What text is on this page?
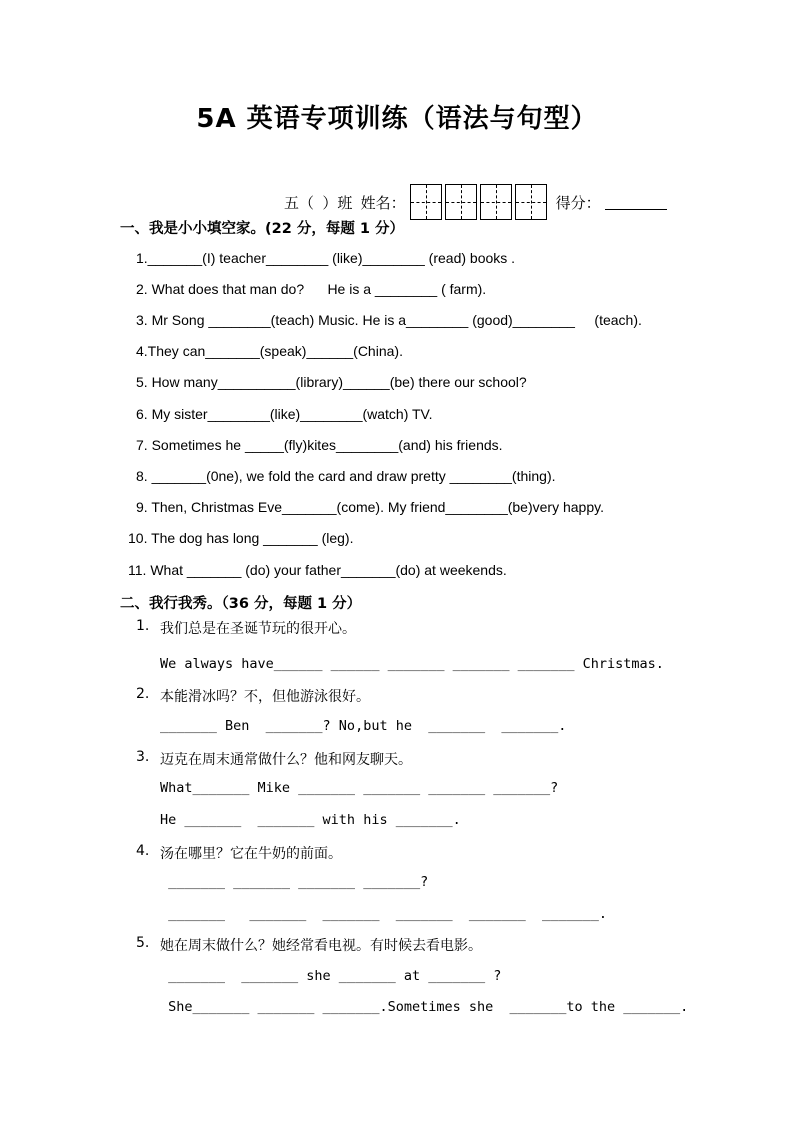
5A 英语专项训练（语法与句型）
五（  ）班  姓名：	得分：
一、我是小小填空家。(22 分，每题 1 分）
1._______(I) teacher________ (like)________ (read) books .
2. What does that man do?      He is a ________ ( farm).
3. Mr Song ________(teach) Music. He is a________ (good)________     (teach).
4.They can_______(speak)______(China).
5. How many__________(library)______(be) there our school?
6. My sister________(like)________(watch) TV.
7. Sometimes he _____(fly)kites________(and) his friends.
8. _______(0ne), we fold the card and draw pretty ________(thing).
9. Then, Christmas Eve_______(come). My friend________(be)very happy.
10. The dog has long _______ (leg).
11. What _______ (do) your father_______(do) at weekends.
二、我行我秀。（36 分，每题 1 分）
1. 我们总是在圣诞节玩的很开心。
We always have______ ______ _______ _______ _______ Christmas.
2. 本能滑冰吗？不，但他游泳很好。
_______ Ben  _______? No,but he  _______  _______.
3. 迈克在周末通常做什么？他和网友聊天。
What_______ Mike _______ _______ _______ _______?
He _______  _______ with his _______.
4. 汤在哪里？它在牛奶的前面。
_______ _______ _______ _______?
_______   _______  _______  _______  _______  _______.
5. 她在周末做什么？她经常看电视。有时候去看电影。
_______  _______ she _______ at _______ ?
She_______ _______ _______.Sometimes she  _______to the _______.
